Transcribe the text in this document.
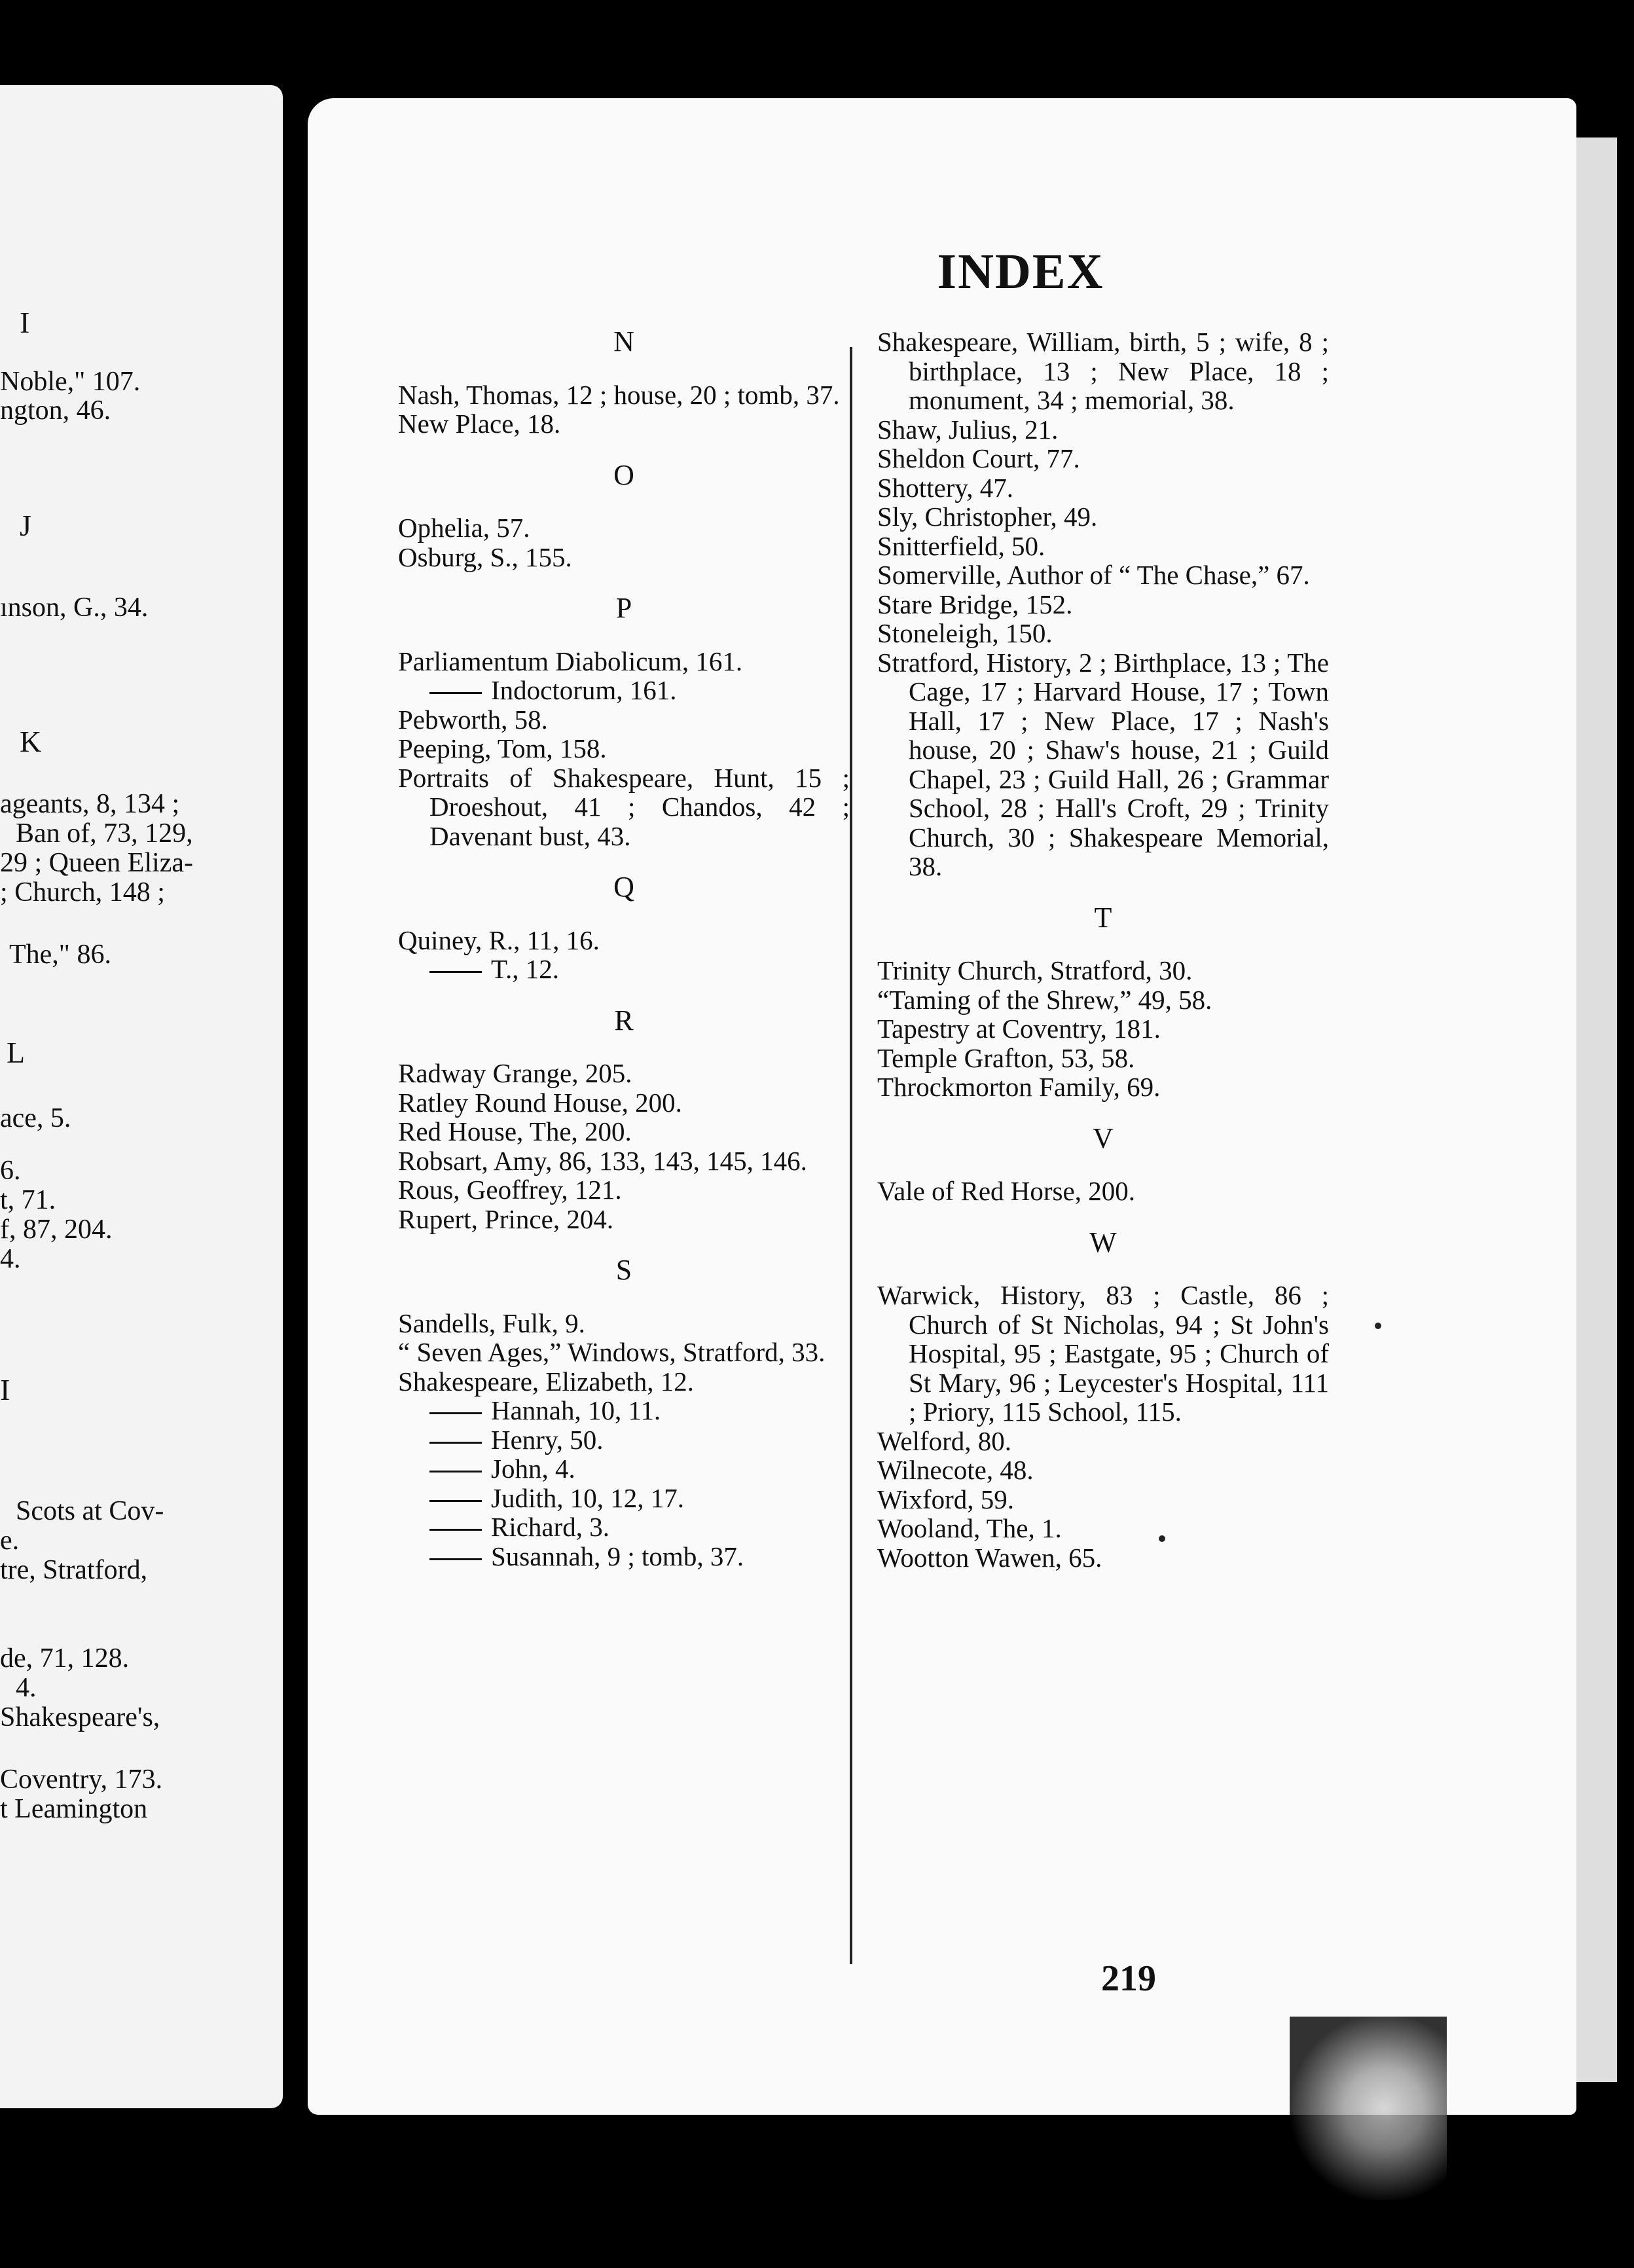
I
Noble," 107.
ngton, 46.
J
ınson, G., 34.
K
ageants, 8, 134 ;
Ban of, 73, 129,
29 ; Queen Eliza-
; Church, 148 ;
The," 86.
L
ace, 5.
6.
t, 71.
f, 87, 204.
4.
I
Scots at Cov-
e.
tre, Stratford,
de, 71, 128.
4.
Shakespeare's,
Coventry, 173.
t Leamington
INDEX
N

Nash, Thomas, 12 ; house, 20 ; tomb, 37.

New Place, 18.

O

Ophelia, 57.

Osburg, S., 155.

P

Parliamentum Diabolicum, 161.

Indoctorum, 161.

Pebworth, 58.

Peeping, Tom, 158.

Portraits of Shakespeare, Hunt, 15 ; Droeshout, 41 ; Chandos, 42 ; Davenant bust, 43.

Q

Quiney, R., 11, 16.

T., 12.

R

Radway Grange, 205.

Ratley Round House, 200.

Red House, The, 200.

Robsart, Amy, 86, 133, 143, 145, 146.

Rous, Geoffrey, 121.

Rupert, Prince, 204.

S

Sandells, Fulk, 9.

“ Seven Ages,” Windows, Stratford, 33.

Shakespeare, Elizabeth, 12.

Hannah, 10, 11.

Henry, 50.

John, 4.

Judith, 10, 12, 17.

Richard, 3.

Susannah, 9 ; tomb, 37.

Shakespeare, William, birth, 5 ; wife, 8 ; birthplace, 13 ; New Place, 18 ; monument, 34 ; memorial, 38.

Shaw, Julius, 21.

Sheldon Court, 77.

Shottery, 47.

Sly, Christopher, 49.

Snitterfield, 50.

Somerville, Author of “ The Chase,” 67.

Stare Bridge, 152.

Stoneleigh, 150.

Stratford, History, 2 ; Birthplace, 13 ; The Cage, 17 ; Harvard House, 17 ; Town Hall, 17 ; New Place, 17 ; Nash's house, 20 ; Shaw's house, 21 ; Guild Chapel, 23 ; Guild Hall, 26 ; Grammar School, 28 ; Hall's Croft, 29 ; Trinity Church, 30 ; Shakespeare Memorial, 38.

T

Trinity Church, Stratford, 30.

“Taming of the Shrew,” 49, 58.

Tapestry at Coventry, 181.

Temple Grafton, 53, 58.

Throckmorton Family, 69.

V

Vale of Red Horse, 200.

W

Warwick, History, 83 ; Castle, 86 ; Church of St Nicholas, 94 ; St John's Hospital, 95 ; Eastgate, 95 ; Church of St Mary, 96 ; Leycester's Hospital, 111 ; Priory, 115 School, 115.

Welford, 80.

Wilnecote, 48.

Wixford, 59.

Wooland, The, 1.

Wootton Wawen, 65.

219
